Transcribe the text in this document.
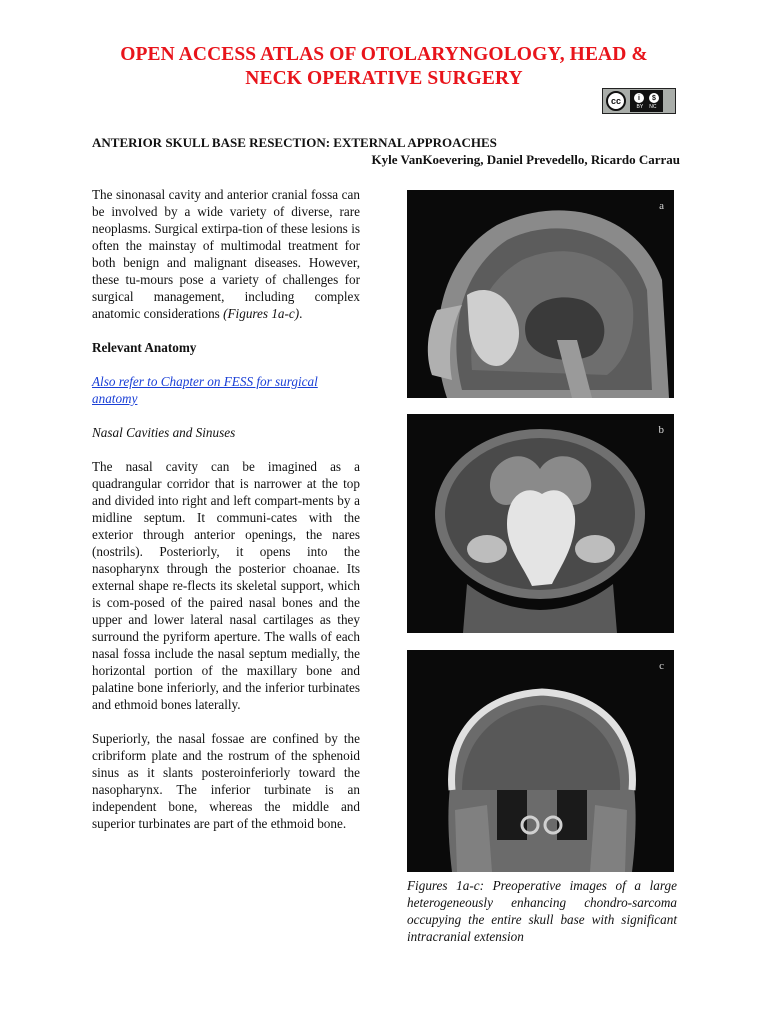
OPEN ACCESS ATLAS OF OTOLARYNGOLOGY, HEAD &
NECK OPERATIVE SURGERY
cc	i	$
BY NC
ANTERIOR SKULL BASE RESECTION: EXTERNAL APPROACHES
Kyle VanKoevering, Daniel Prevedello, Ricardo Carrau

The sinonasal cavity and anterior cranial fossa can be involved by a wide variety of diverse, rare neoplasms. Surgical extirpa-tion of these lesions is often the mainstay of multimodal treatment for both benign and malignant diseases. However, these tu-mours pose a variety of challenges for surgical management, including complex anatomic considerations (Figures 1a-c).

Relevant Anatomy

Also refer to Chapter on FESS for surgical anatomy

Nasal Cavities and Sinuses

The nasal cavity can be imagined as a quadrangular corridor that is narrower at the top and divided into right and left compart-ments by a midline septum. It communi-cates with the exterior through anterior openings, the nares (nostrils). Posteriorly, it opens into the nasopharynx through the posterior choanae. Its external shape re-flects its skeletal support, which is com-posed of the paired nasal bones and the upper and lower lateral nasal cartilages as they surround the pyriform aperture. The walls of each nasal fossa include the nasal septum medially, the horizontal portion of the maxillary bone and palatine bone inferiorly, and the inferior turbinates and ethmoid bones laterally.

Superiorly, the nasal fossae are confined by the cribriform plate and the rostrum of the sphenoid sinus as it slants posteroinferiorly toward the nasopharynx. The inferior turbinate is an independent bone, whereas the middle and superior turbinates are part of the ethmoid bone.

a
b
c
Figures 1a-c: Preoperative images of a large heterogeneously enhancing chondro-sarcoma occupying the entire skull base with significant intracranial extension
